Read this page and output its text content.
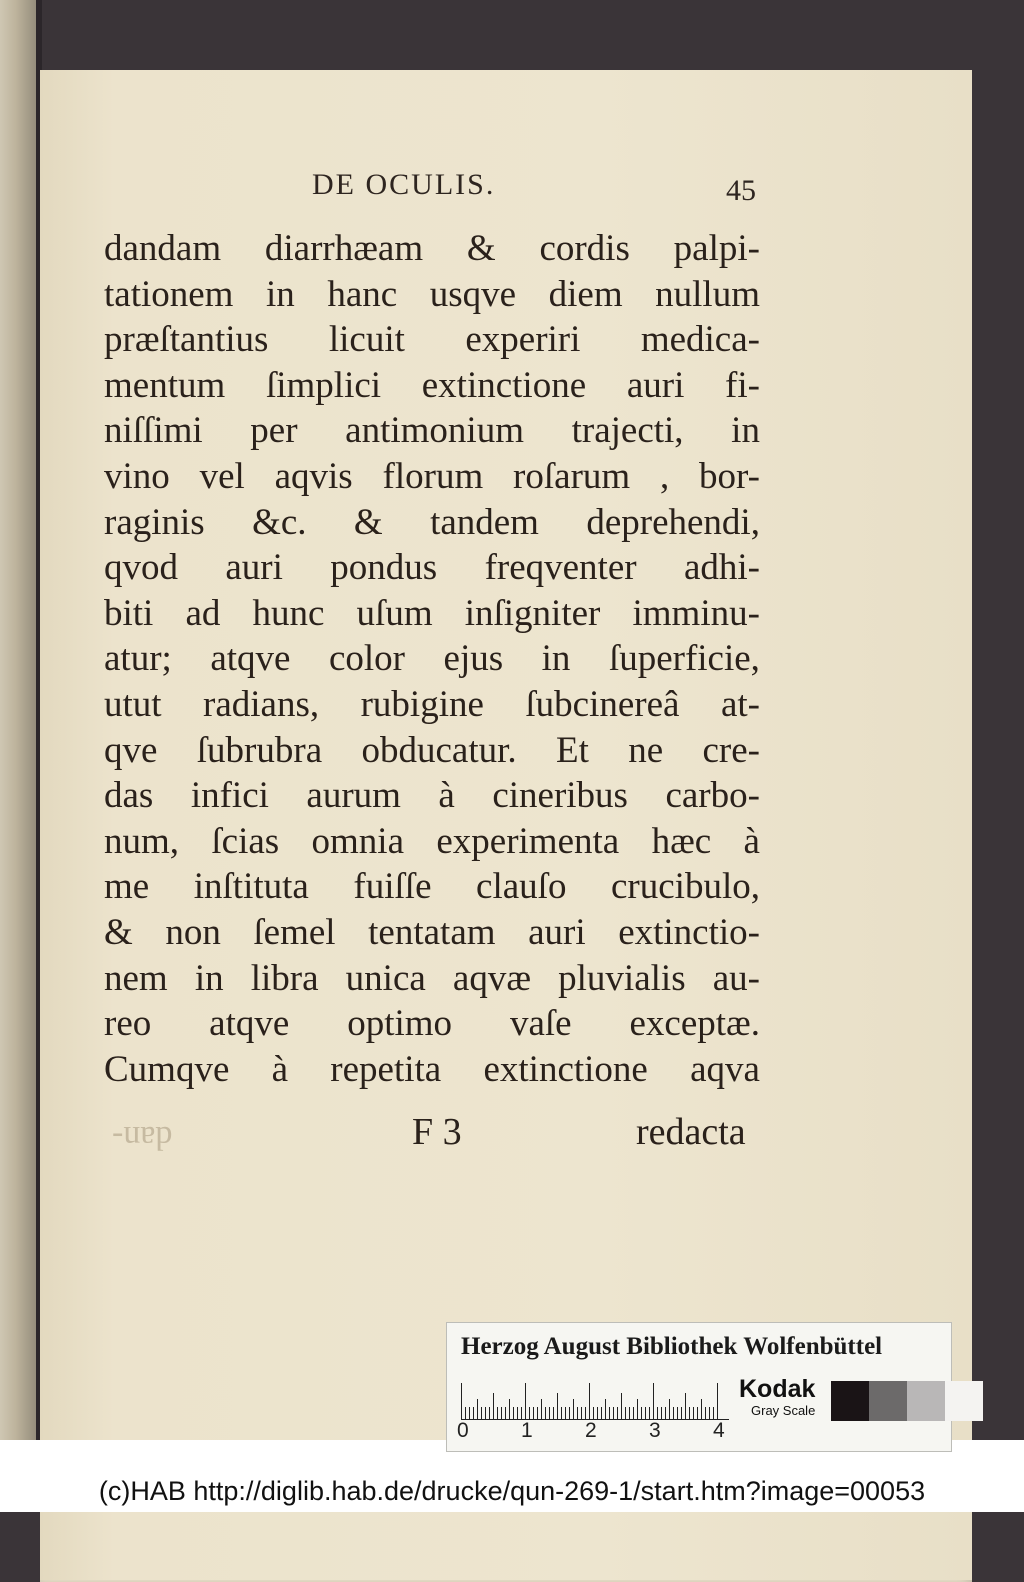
DE OCULIS.	45
dandam diarrhæam & cordis palpi-
tationem in hanc usqve diem nullum
præſtantius licuit experiri medica-
mentum ſimplici extinctione auri fi-
niſſimi per antimonium trajecti, in
vino vel aqvis florum roſarum , bor-
raginis &c. & tandem deprehendi,
qvod auri pondus freqventer adhi-
biti ad hunc uſum inſigniter imminu-
atur; atqve color ejus in ſuperficie,
utut radians, rubigine ſubcinereâ at-
qve ſubrubra obducatur. Et ne cre-
das infici aurum à cineribus carbo-
num, ſcias omnia experimenta hæc à
me inſtituta fuiſſe clauſo crucibulo,
& non ſemel tentatam auri extinctio-
nem in libra unica aqvæ pluvialis au-
reo atqve optimo vaſe exceptæ.
Cumqve à repetita extinctione aqva
dan-	F 3	redacta
Herzog August Bibliothek Wolfenbüttel
0 1 2 3 4
Kodak
Gray Scale
(c)HAB http://diglib.hab.de/drucke/qun-269-1/start.htm?image=00053
